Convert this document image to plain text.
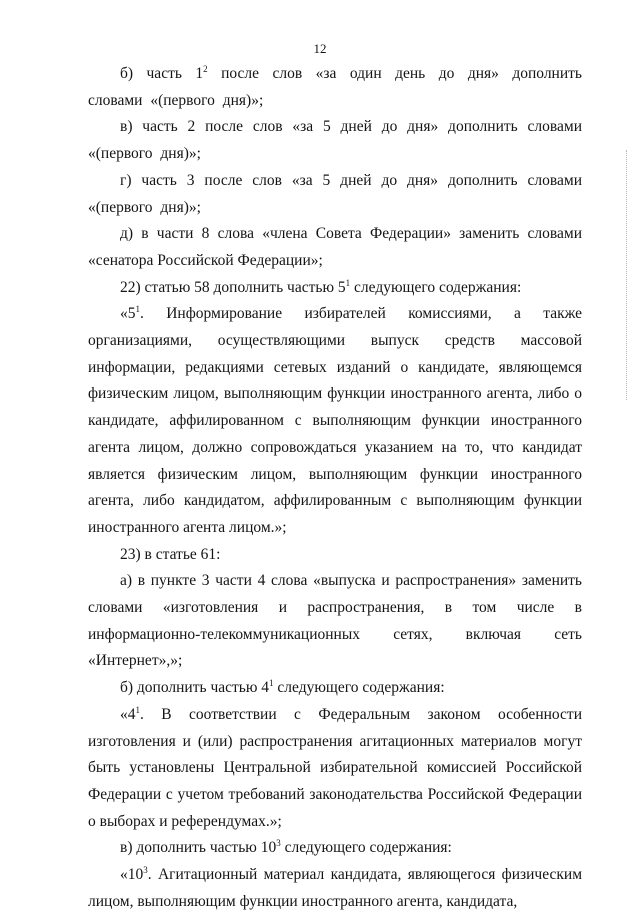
12

б) часть $1^2$ после слов «за один день до дня» дополнить словами «(первого дня)»;

в) часть 2 после слов «за 5 дней до дня» дополнить словами «(первого дня)»;

г) часть 3 после слов «за 5 дней до дня» дополнить словами «(первого дня)»;

д) в части 8 слова «члена Совета Федерации» заменить словами «сенатора Российской Федерации»;

22) статью 58 дополнить частью $5^1$ следующего содержания:

«$5^1$. Информирование избирателей комиссиями, а также организациями, осуществляющими выпуск средств массовой информации, редакциями сетевых изданий о кандидате, являющемся физическим лицом, выполняющим функции иностранного агента, либо о кандидате, аффилированном с выполняющим функции иностранного агента лицом, должно сопровождаться указанием на то, что кандидат является физическим лицом, выполняющим функции иностранного агента, либо кандидатом, аффилированным с выполняющим функции иностранного агента лицом.»;

23) в статье 61:

а) в пункте 3 части 4 слова «выпуска и распространения» заменить словами «изготовления и распространения, в том числе в информационно-телекоммуникационных сетях, включая сеть «Интернет»,»;

б) дополнить частью $4^1$ следующего содержания:

«$4^1$. В соответствии с Федеральным законом особенности изготовления и (или) распространения агитационных материалов могут быть установлены Центральной избирательной комиссией Российской Федерации с учетом требований законодательства Российской Федерации о выборах и референдумах.»;

в) дополнить частью $10^3$ следующего содержания:

«$10^3$. Агитационный материал кандидата, являющегося физическим лицом, выполняющим функции иностранного агента, кандидата,
